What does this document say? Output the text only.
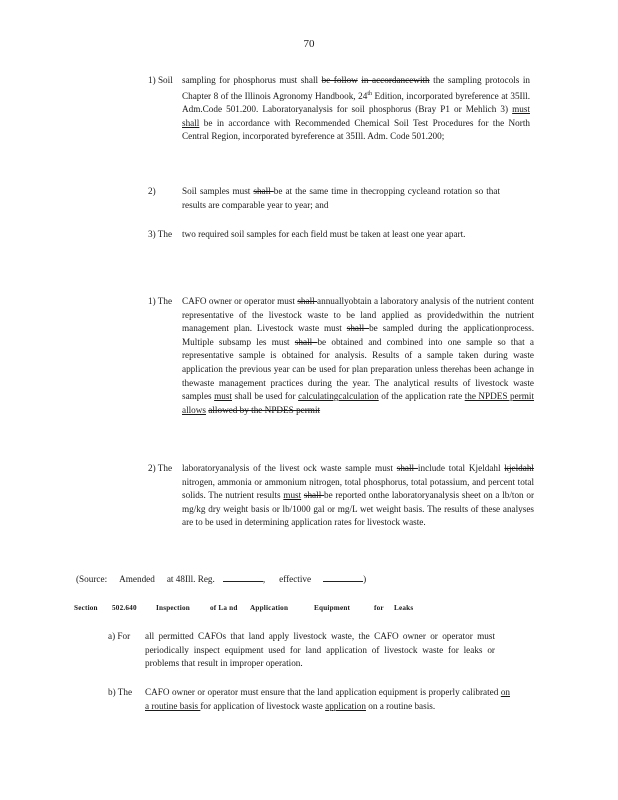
70
1) Soil sampling for phosphorus must shall be follow in accordancewith the sampling protocols in Chapter 8 of the Illinois Agronomy Handbook, 24th Edition, incorporated byreference at 35Ill. Adm.Code 501.200. Laboratoryanalysis for soil phosphorus (Bray P1 or Mehlich 3) must shall be in accordance with Recommended Chemical Soil Test Procedures for the North Central Region, incorporated byreference at 35Ill. Adm. Code 501.200;
2)	Soil samples must shall be at the same time in thecropping cycleand rotation so that results are comparable year to year; and
3) The two required soil samples for each field must be taken at least one year apart.
1) The CAFO owner or operator must shall annuallyobtain a laboratory analysis of the nutrient content representative of the livestock waste to be land applied as providedwithin the nutrient management plan. Livestock waste must shall be sampled during the applicationprocess. Multiple subsamp les must shall be obtained and combined into one sample so that a representative sample is obtained for analysis. Results of a sample taken during waste application the previous year can be used for plan preparation unless therehas been achange in thewaste management practices during the year. The analytical results of livestock waste samples must shall be used for calculatingcalculation of the application rate the NPDES permit allows allowed by the NPDES permit
2) The laboratoryanalysis of the livest ock waste sample must shall include total Kjeldahl kjeldahl nitrogen, ammonia or ammonium nitrogen, total phosphorus, total potassium, and percent total solids. The nutrient results must shall be reported onthe laboratoryanalysis sheet on a lb/ton or mg/kg dry weight basis or lb/1000 gal or mg/L wet weight basis. The results of these analyses are to be used in determining application rates for livestock waste.
(Source: Amended at 48Ill. Reg.	, effective	)
Section 502.640	Inspection	of La nd Application	Equipment	for Leaks
a) For all permitted CAFOs that land apply livestock waste, the CAFO owner or operator must periodically inspect equipment used for land application of livestock waste for leaks or problems that result in improper operation.
b) The CAFO owner or operator must ensure that the land application equipment is properly calibrated on a routine basis for application of livestock waste application on a routine basis.
